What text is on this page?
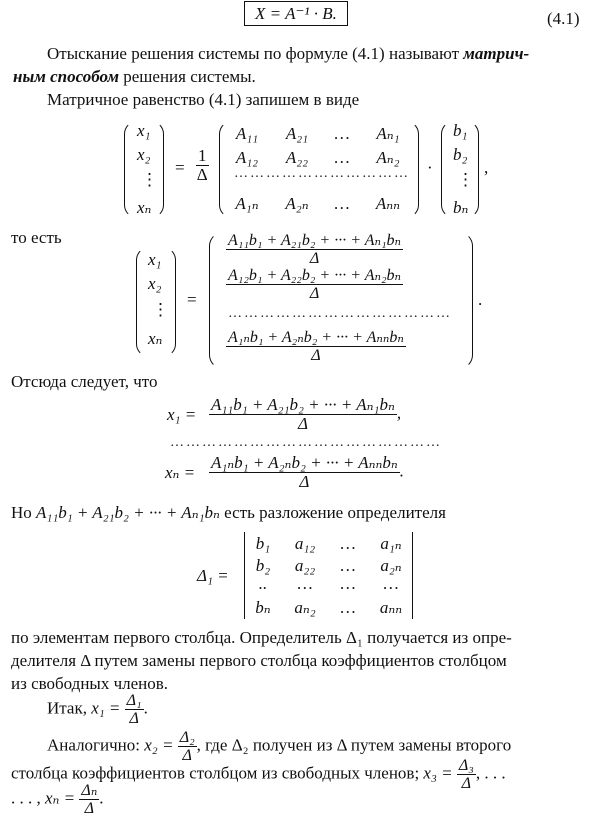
X = A⁻¹ · B.	(4.1)
Отыскание решения системы по формуле (4.1) называют матрич-
ным способом решения системы.
Матричное равенство (4.1) запишем в виде
x₁
x₂
⋮
xₙ
= $\frac{1}{\Delta}$
A₁₁	A₂₁	…	Aₙ₁
A₁₂	A₂₂	…	Aₙ₂
……………………………
A₁ₙ	A₂ₙ	…	Aₙₙ
·
b₁
b₂
⋮
bₙ
,
то есть
x₁
x₂
⋮
xₙ
=
$\frac{\text{A₁₁b₁ + A₂₁b₂ + ··· + Aₙ₁bₙ}}{\Delta}$
$\frac{\text{A₁₂b₁ + A₂₂b₂ + ··· + Aₙ₂bₙ}}{\Delta}$
……………………………………
$\frac{\text{A₁ₙb₁ + A₂ₙb₂ + ··· + Aₙₙbₙ}}{\Delta}$
.
Отсюда следует, что
$x_1 = \frac{\text{A₁₁b₁ + A₂₁b₂ + ··· + Aₙ₁bₙ}}{\Delta}$ ,
……………………………………………
$x_n = \frac{\text{A₁ₙb₁ + A₂ₙb₂ + ··· + Aₙₙbₙ}}{\Delta}$ .
Но A₁₁b₁ + A₂₁b₂ + ··· + Aₙ₁bₙ есть разложение определителя
Δ₁ =
b₁	a₁₂	…	a₁ₙ
b₂	a₂₂	…	a₂ₙ
..	…	…	…
bₙ	aₙ₂	…	aₙₙ
по элементам первого столбца. Определитель Δ₁ получается из опре-
делителя Δ путем замены первого столбца коэффициентов столбцом
из свободных членов.
Итак, $x_1 = \frac{\text{Δ₁}}{\Delta}$ .
Аналогично: $x_2 = \frac{\text{Δ₂}}{\Delta}$ , где Δ₂ получен из Δ путем замены второго
столбца коэффициентов столбцом из свободных членов; $x_3 = \frac{\text{Δ₃}}{\Delta}$ , . . .
. . . , $x_n = \frac{\text{Δₙ}}{\Delta}$ .
